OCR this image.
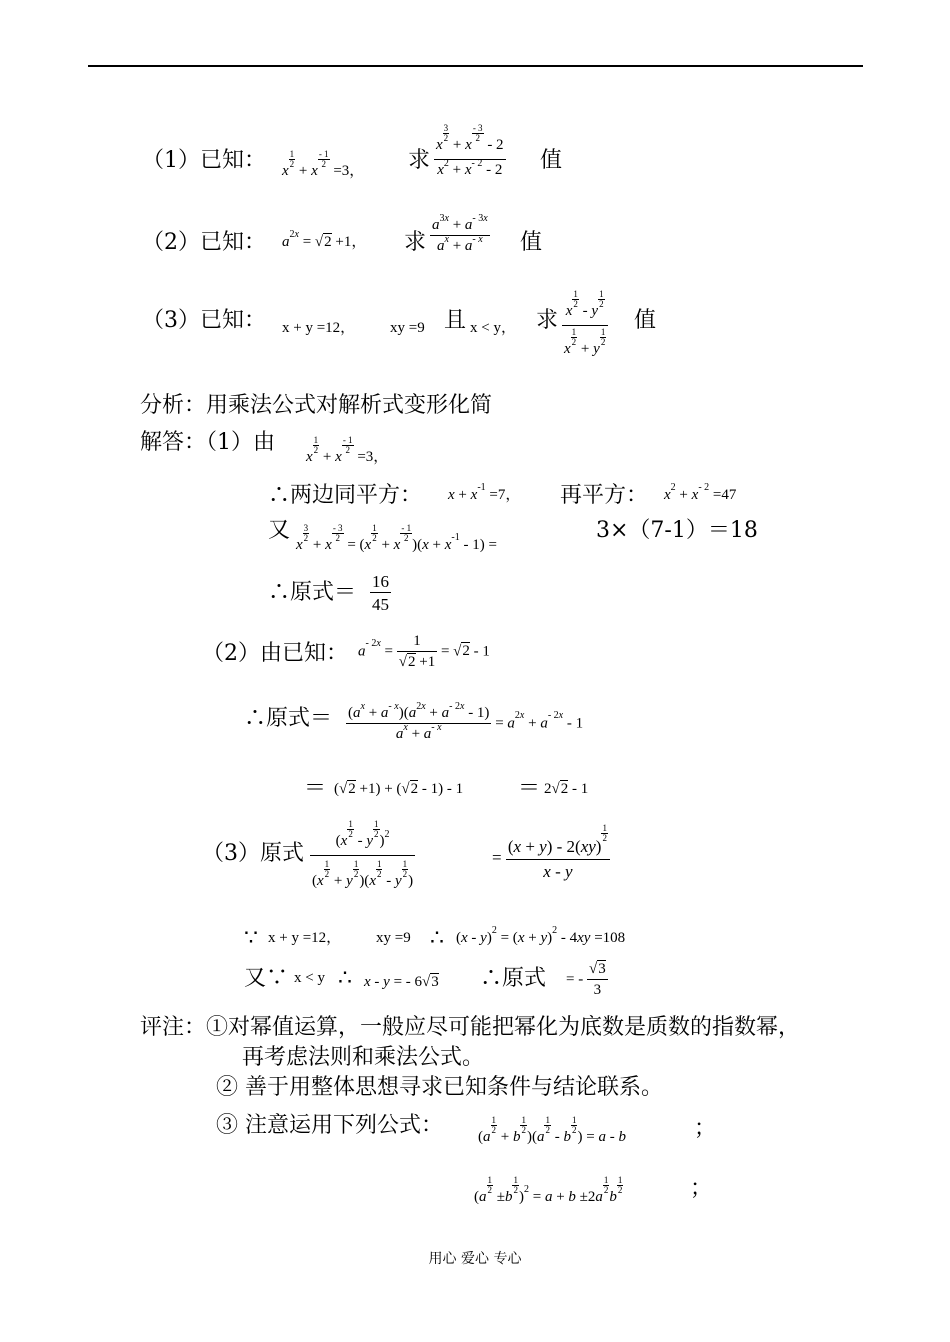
（1）已知： x
$\frac{1}{2}$
+ x
$\frac{- 1}{2}$
=3， 求 x
$\frac{3}{2}$
+ x
$\frac{- 3}{2}$
- 2
$x^2 + x^{- 2} - 2$ 值
（2）已知： $a^{2x} = √2 +1$， 求 $\frac{a^{3x} + a^{- 3x}}{a^x + a^{- x}}$ 值
（3）已知： x + y =12， xy =9 且 x < y， 求 x
$\frac{1}{2}$
- y
$\frac{1}{2}$
x
$\frac{1}{2}$
+ y
$\frac{1}{2}$ 值
分析：用乘法公式对解析式变形化简
解答：（1）由
x
$\frac{1}{2}$
+ x
$\frac{- 1}{2}$
=3，
∴两边同平方： $x + x^{-1} =7$， 再平方： $x^2 + x^{- 2} =47$
又
x
$\frac{3}{2}$
+ x
$\frac{- 3}{2}$
= (x
$\frac{1}{2}$
+ x
$\frac{- 1}{2}$
)$(x + x^{-1} - 1)$ =
3×（7-1）＝18
∴原式＝ $\frac{16}{45}$
（2）由已知： $a^{- 2x} = \frac{1}{√2 +1} = √2 - 1$
∴原式＝ $\frac{(a^x + a^{- x})(a^{2x} + a^{- 2x} - 1)}{a^x + a^{- x}} = a^{2x} + a^{- 2x} - 1$
＝ (√2 +1) + (√2 - 1) - 1 ＝ 2√2 - 1
（3）原式 (x
$\frac{1}{2}$
- y
$\frac{1}{2}$
)$^2$
(x
$\frac{1}{2}$
+ y
$\frac{1}{2}$
)(x
$\frac{1}{2}$
- y
$\frac{1}{2}$
)	= (x + y) - 2(xy)
$\frac{1}{2}$
x - y
∵ x + y =12， xy =9 ∴ $(x - y)^2 = (x + y)^2 - 4xy =108$
又∵ x < y ∴ x - y = - 6√3 ∴原式 = - $\frac{√3}{3}$
评注：①对幂值运算，一般应尽可能把幂化为底数是质数的指数幂，
再考虑法则和乘法公式。
② 善于用整体思想寻求已知条件与结论联系。
③ 注意运用下列公式： (a
$\frac{1}{2}$
+ b
$\frac{1}{2}$
)(a
$\frac{1}{2}$
- b
$\frac{1}{2}$
) = a - b	；
(a
$\frac{1}{2}$
±b
$\frac{1}{2}$
)$^2$ = a + b ±2a
$\frac{1}{2}$
b
$\frac{1}{2}$	；
用心 爱心 专心
